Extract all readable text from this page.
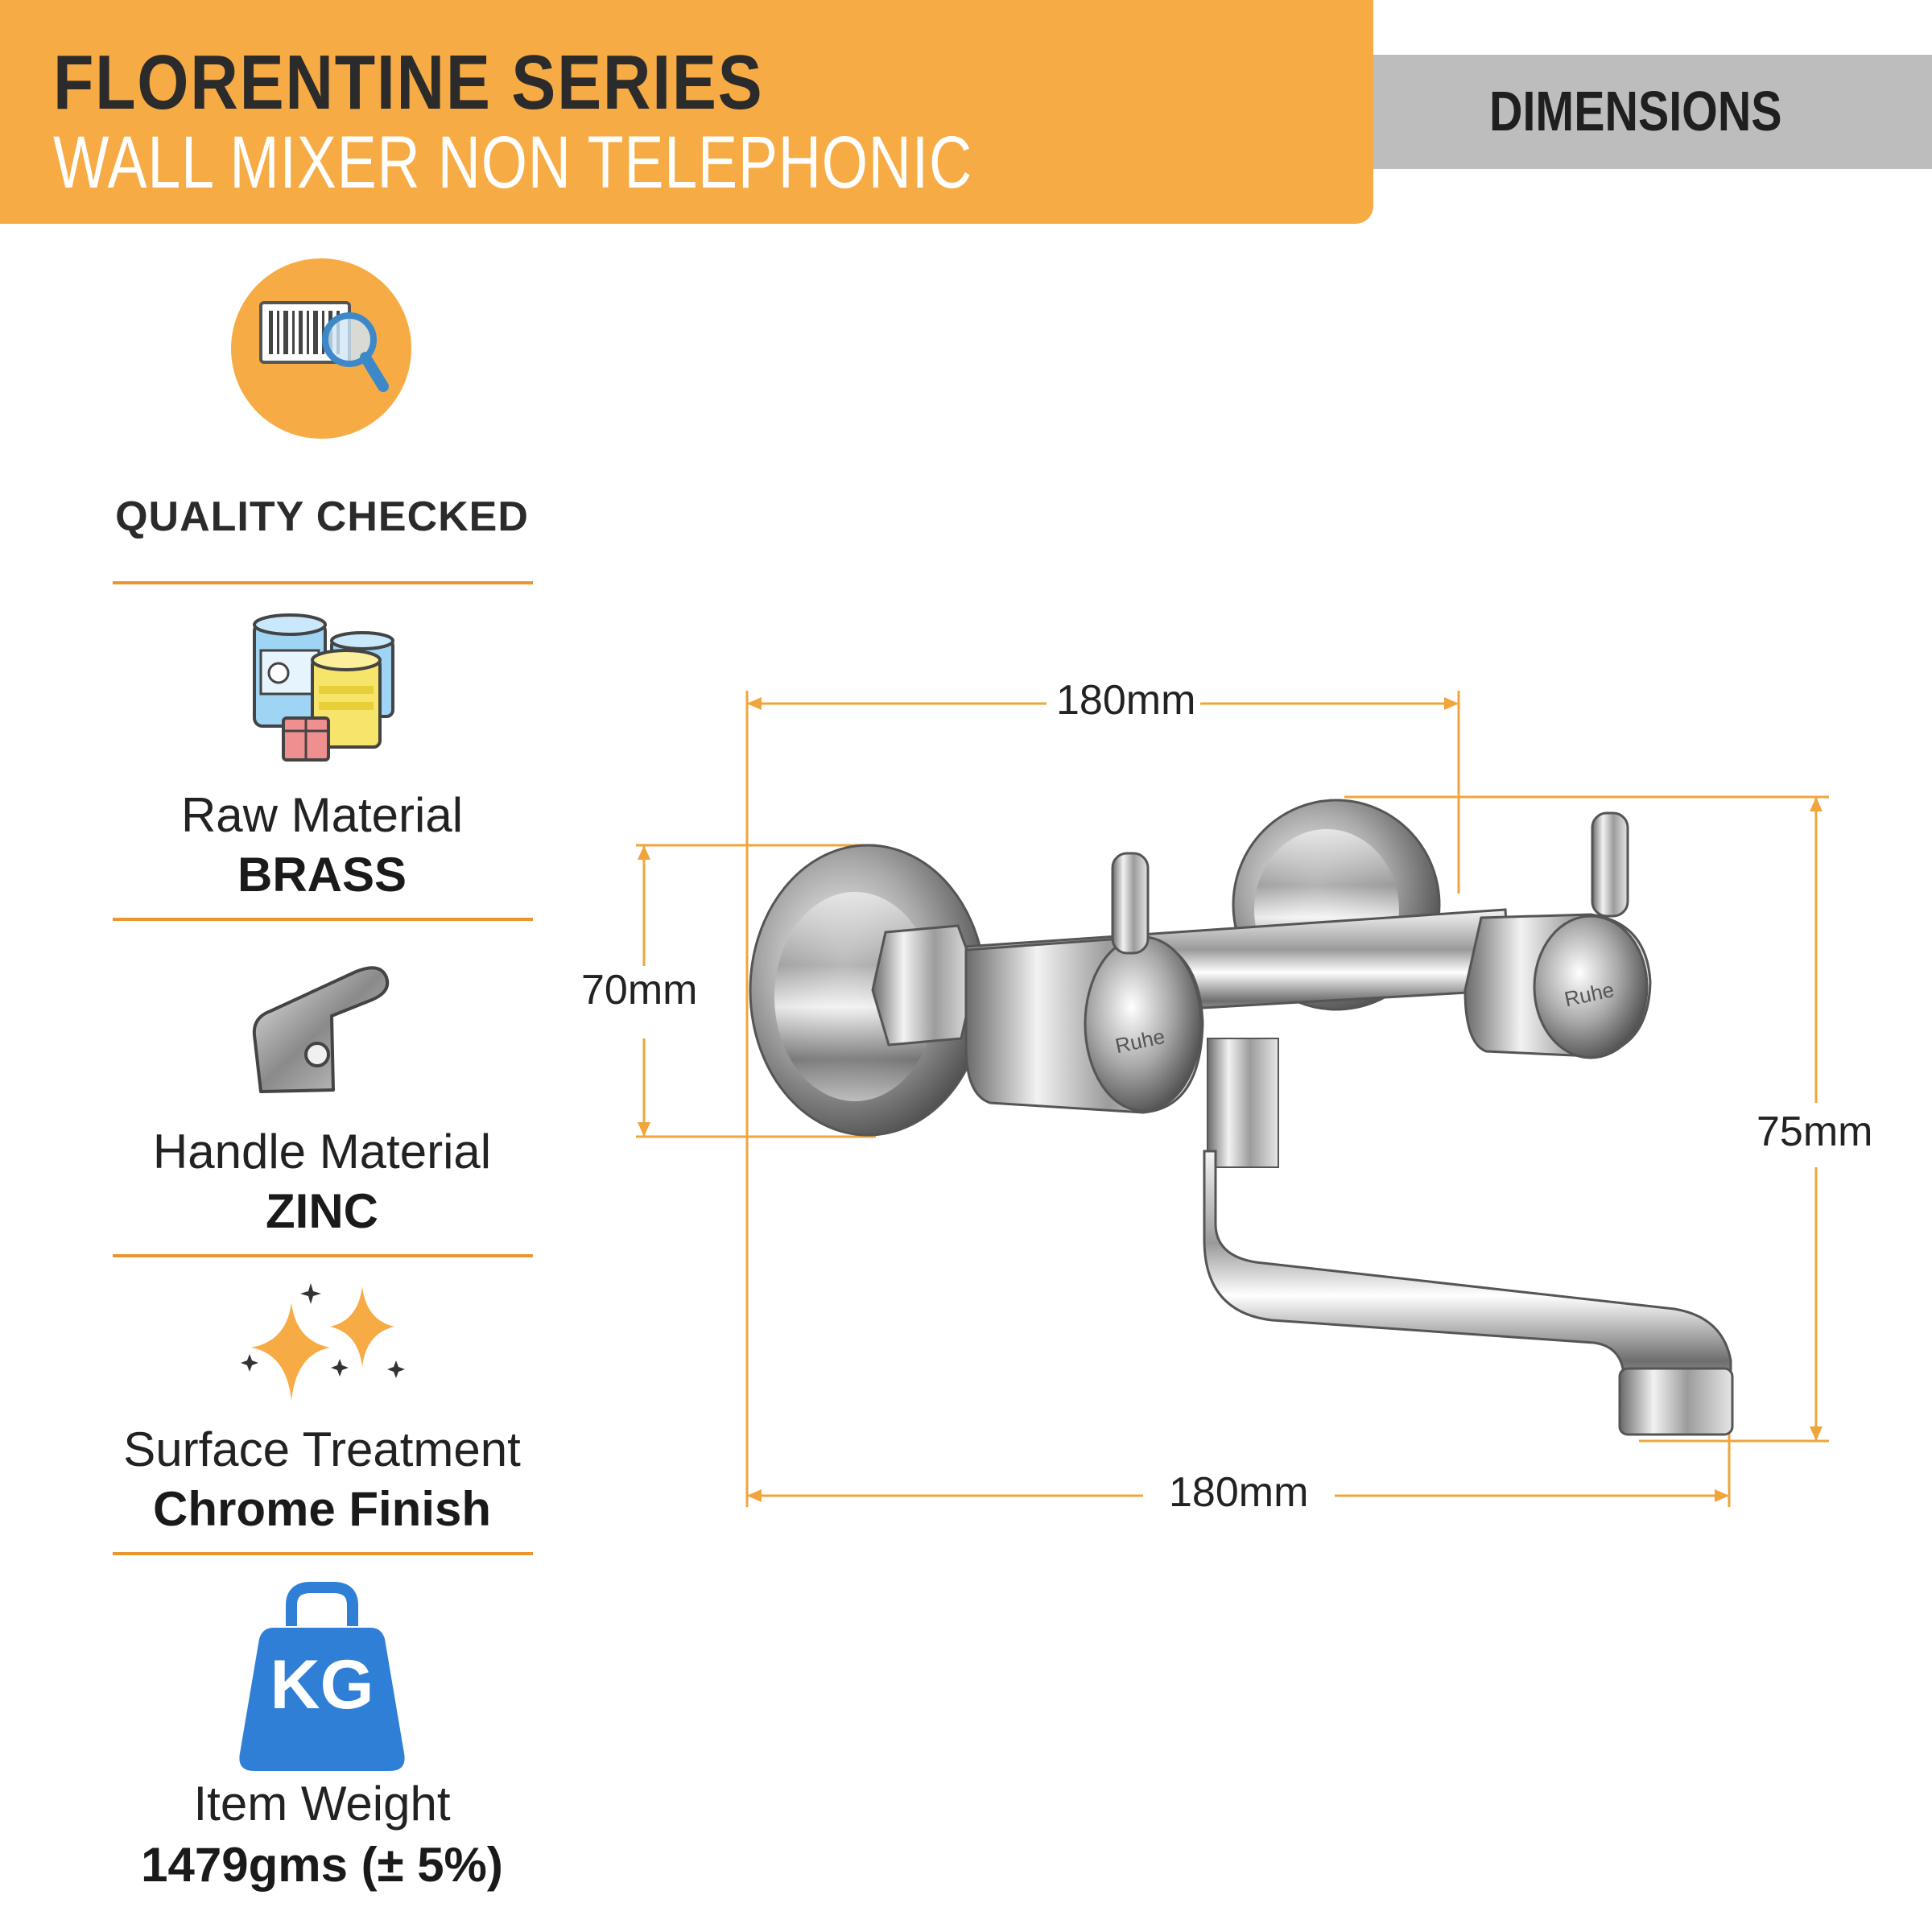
FLORENTINE SERIES
WALL MIXER NON TELEPHONIC
DIMENSIONS
QUALITY CHECKED
Raw Material
BRASS
Handle Material
ZINC
Surface Treatment
Chrome Finish
KG
Item Weight
1479gms (± 5%)
Ruhe
Ruhe
180mm
70mm
75mm
180mm
